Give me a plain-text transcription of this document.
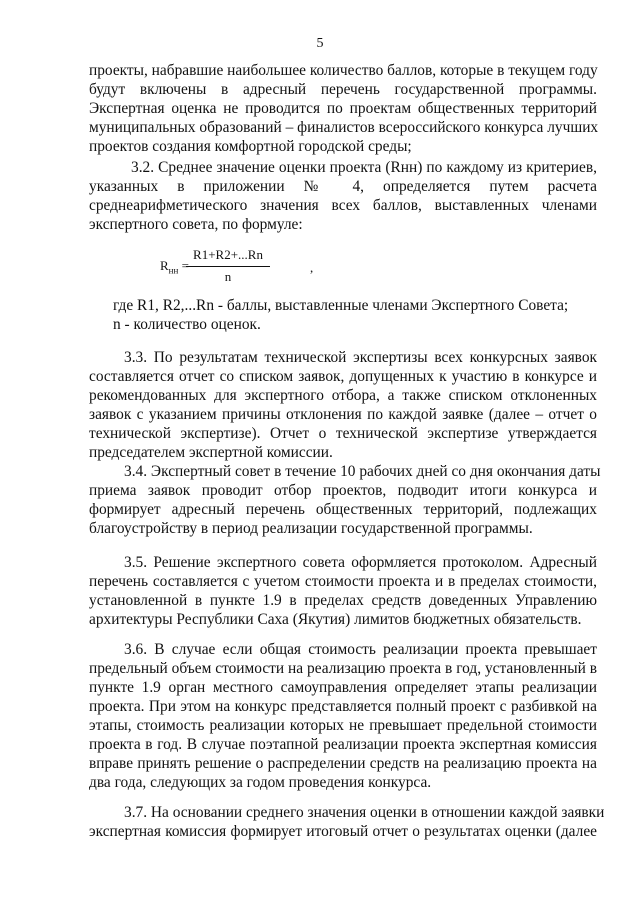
5
проекты, набравшие наибольшее количество баллов, которые в текущем году
будут включены в адресный перечень государственной программы.
Экспертная оценка не проводится по проектам общественных территорий
муниципальных образований – финалистов всероссийского конкурса лучших
проектов создания комфортной городской среды;
3.2. Среднее значение оценки проекта (Rнн) по каждому из критериев,
указанных в приложении № 4, определяется путем расчета
среднеарифметического значения всех баллов, выставленных членами
экспертного совета, по формуле:
$R_{нн}$ =
R1+R2+...Rn
n
,
где R1, R2,...Rn - баллы, выставленные членами Экспертного Совета;
n - количество оценок.
3.3. По результатам технической экспертизы всех конкурсных заявок
составляется отчет со списком заявок, допущенных к участию в конкурсе и
рекомендованных для экспертного отбора, а также списком отклоненных
заявок с указанием причины отклонения по каждой заявке (далее – отчет о
технической экспертизе). Отчет о технической экспертизе утверждается
председателем экспертной комиссии.
3.4. Экспертный совет в течение 10 рабочих дней со дня окончания даты
приема заявок проводит отбор проектов, подводит итоги конкурса и
формирует адресный перечень общественных территорий, подлежащих
благоустройству в период реализации государственной программы.
3.5. Решение экспертного совета оформляется протоколом. Адресный
перечень составляется с учетом стоимости проекта и в пределах стоимости,
установленной в пункте 1.9 в пределах средств доведенных Управлению
архитектуры Республики Саха (Якутия) лимитов бюджетных обязательств.
3.6. В случае если общая стоимость реализации проекта превышает
предельный объем стоимости на реализацию проекта в год, установленный в
пункте 1.9 орган местного самоуправления определяет этапы реализации
проекта. При этом на конкурс представляется полный проект с разбивкой на
этапы, стоимость реализации которых не превышает предельной стоимости
проекта в год. В случае поэтапной реализации проекта экспертная комиссия
вправе принять решение о распределении средств на реализацию проекта на
два года, следующих за годом проведения конкурса.
3.7. На основании среднего значения оценки в отношении каждой заявки
экспертная комиссия формирует итоговый отчет о результатах оценки (далее
